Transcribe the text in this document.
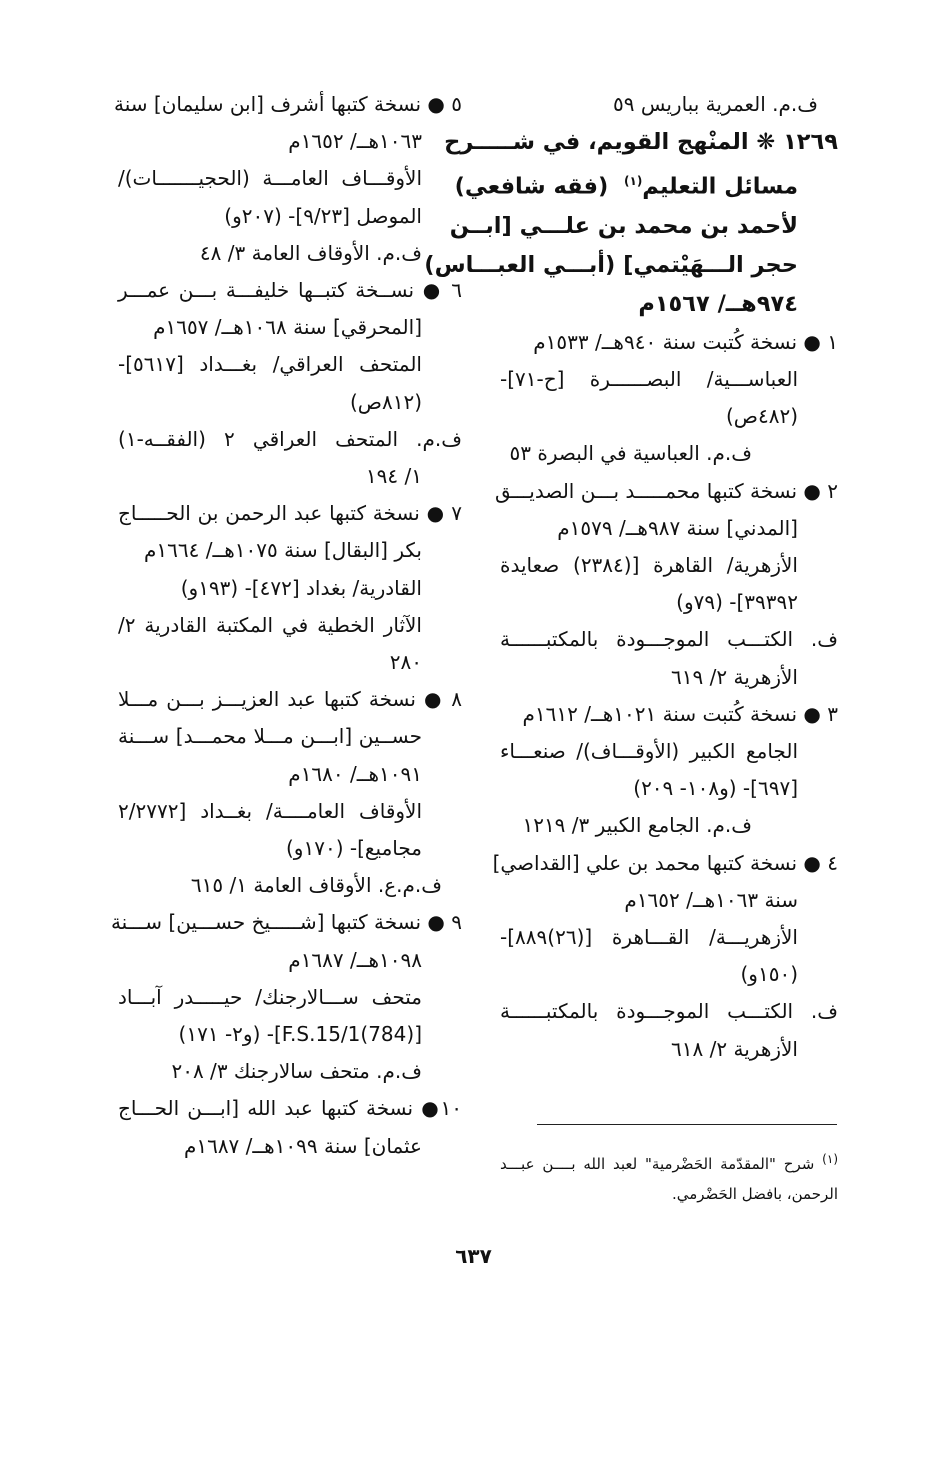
ف.م. العمرية بباريس ٥٩
١٢٦٩ ❋ المنْهج القويم، في شـــــرح
مسائل التعليم$^{(١)}$  (فقه شافعي)
لأحمد بن محمد بن علـــي [ابــن
حجر الـــهَيْتمي] (أبـــي العبـــاس)
٩٧٤هــ/ ١٥٦٧م
١ ● نسخة كُتبت سنة ٩٤٠هــ/ ١٥٣٣م
العباســـية/ البصــــــرة [ح-٧١]-
(٤٨٢ص)
ف.م. العباسية في البصرة ٥٣
٢ ● نسخة كتبها محمـــــد بـــن الصديـــق
[المدني] سنة ٩٨٧هــ/ ١٥٧٩م
الأزهرية/ القاهرة [(٢٣٨٤) صعايدة
٣٩٣٩٢]- (٧٩و)
ف. الكتـــب الموجـــودة بالمكتبــــــة
الأزهرية ٢/ ٦١٩
٣ ● نسخة كُتبت سنة ١٠٢١هــ/ ١٦١٢م
الجامع الكبير (الأوقـــاف)/ صنعـــاء
[٦٩٧]- (و١٠٨- ٢٠٩)
ف.م. الجامع الكبير ٣/ ١٢١٩
٤ ● نسخة كتبها محمد بن علي [القداصي]
سنة ١٠٦٣هــ/ ١٦٥٢م
الأزهريـــة/ القـــاهرة [(٢٦)٨٨٩]-
(١٥٠و)
ف. الكتـــب الموجـــودة بالمكتبــــــة
الأزهرية ٢/ ٦١٨
٥ ● نسخة كتبها أشرف [ابن سليمان] سنة
١٠٦٣هــ/ ١٦٥٢م
الأوقـــاف العامـــة (الحجيـــــــات)/
الموصل [٩/٢٣]- (٢٠٧و)
ف.م. الأوقاف العامة ٣/ ٤٨
٦ ● نســخة كتبــها خليفـــة بـــن عمـــر
[المحرقي] سنة ١٠٦٨هــ/ ١٦٥٧م
المتحف العراقي/ بغـــداد [٥٦١٧]-
(٨١٢ص)
ف.م. المتحف العراقي ٢ (الفقــه-١)
١/ ١٩٤
٧ ● نسخة كتبها عبد الرحمن بن الحـــــاج
بكر [البقال] سنة ١٠٧٥هــ/ ١٦٦٤م
القادرية/ بغداد [٤٧٢]- (١٩٣و)
الآثار الخطية في المكتبة القادرية ٢/
٢٨٠
٨ ● نسخة كتبها عبد العزيـــز بـــن مـــلا
حســين [ابـــن مـــلا محمـــد] ســـنة
١٠٩١هــ/ ١٦٨٠م
الأوقاف العامــــة/ بغــداد [٢/٢٧٧٢
مجاميع]- (١٧٠و)
ف.م.ع. الأوقاف العامة ١/ ٦١٥
٩ ● نسخة كتبها [شـــــيخ حســـين] ســـنة
١٠٩٨هــ/ ١٦٨٧م
متحف ســـالارجنك/ حيـــــدر آبـــاد
[(784)F.S.15/1]- (و٢- ١٧١)
ف.م. متحف سالارجنك ٣/ ٢٠٨
١٠● نسخة كتبها عبد الله [ابـــن الحـــاج
عثمان] سنة ١٠٩٩هــ/ ١٦٨٧م
$^{(١)}$ شرح "المقدّمة الحَضْرمية" لعبد الله بــــن عبـــد
الرحمن، بافضل الحَضْرمي.
٦٣٧
